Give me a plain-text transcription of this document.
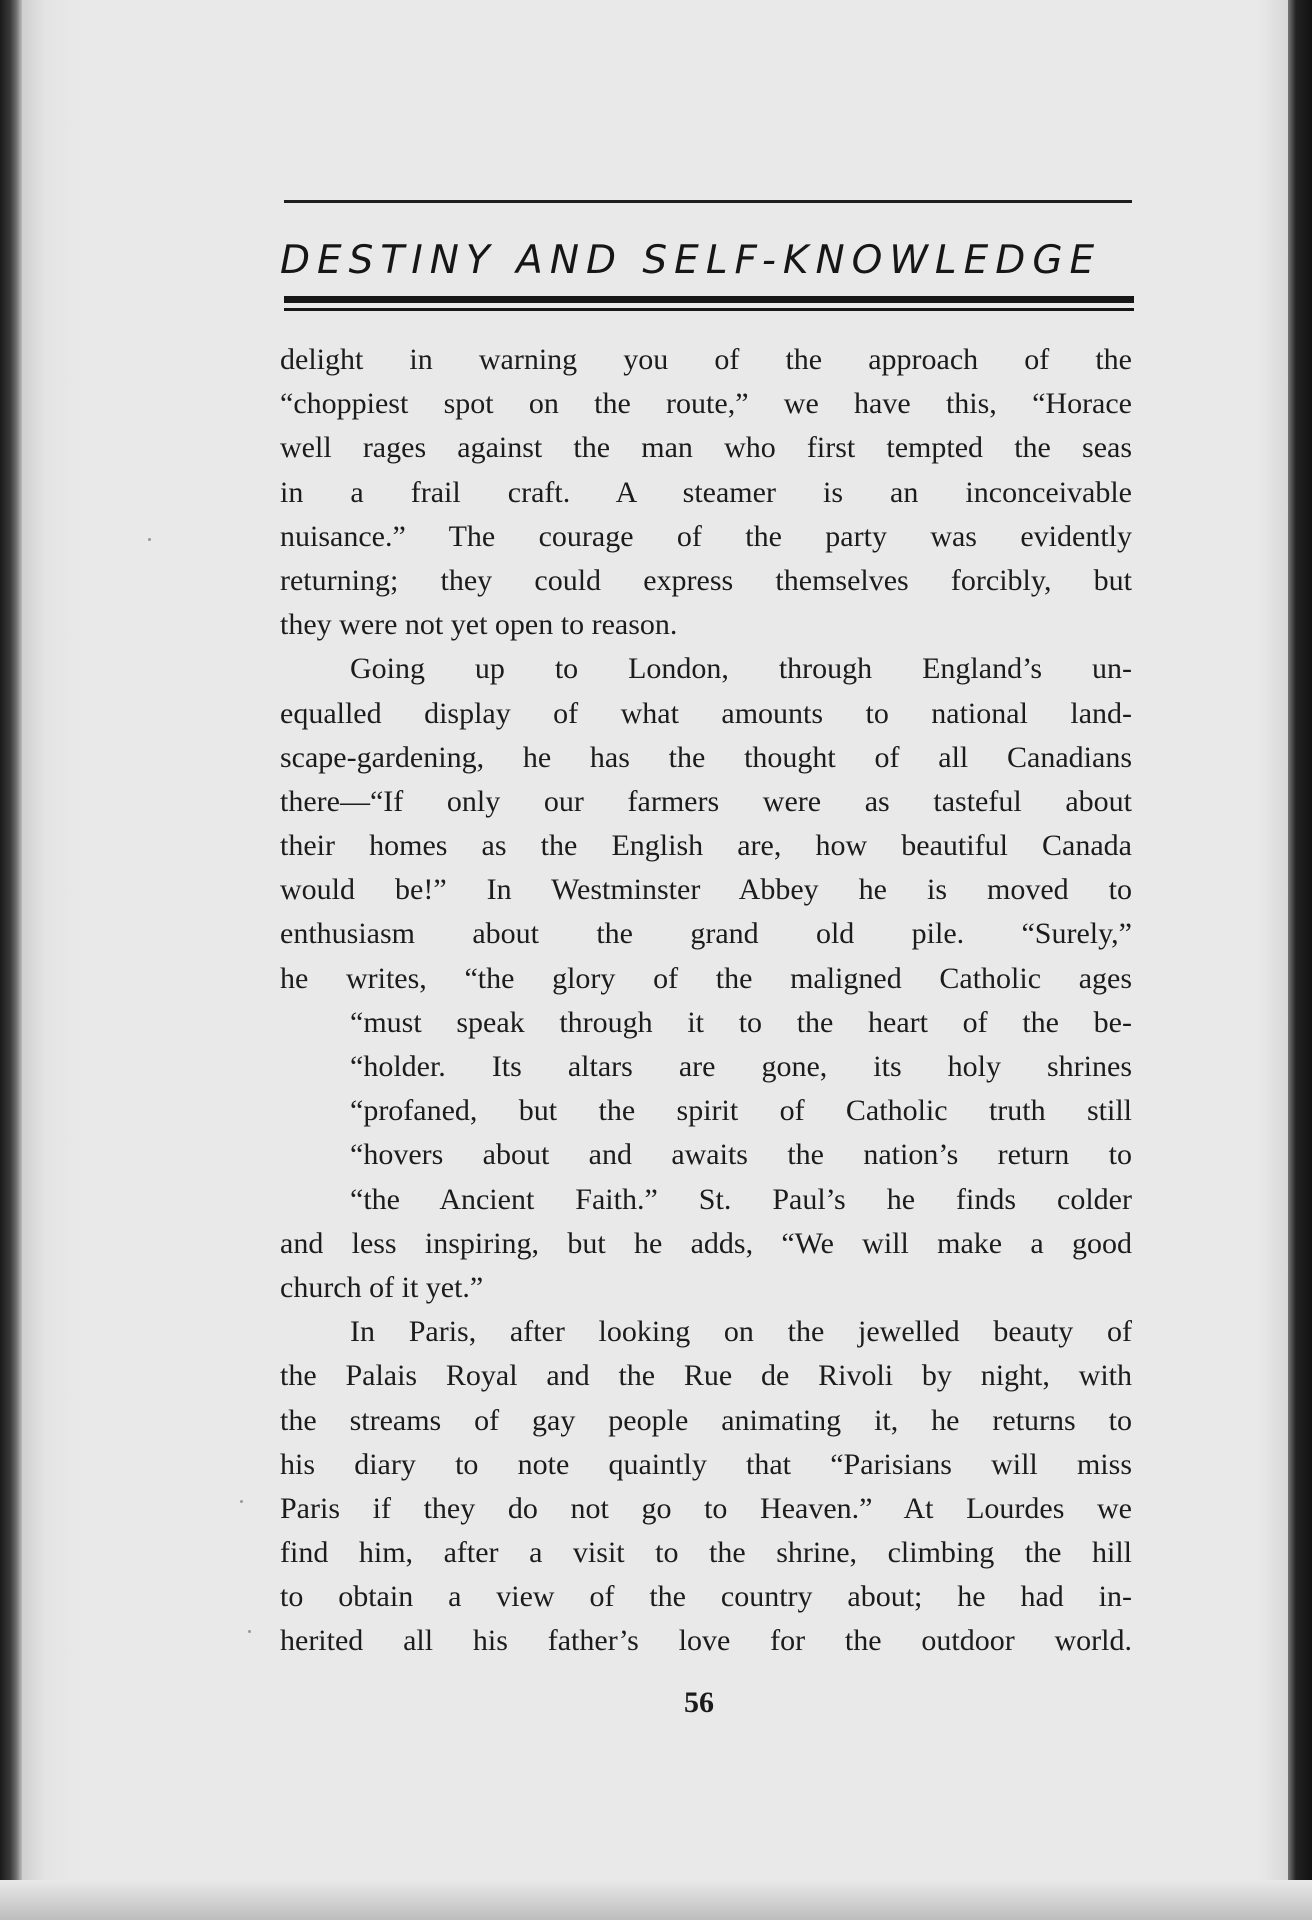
DESTINY AND SELF-KNOWLEDGE
delight in warning you of the approach of the
“choppiest spot on the route,” we have this, “Horace
well rages against the man who first tempted the seas
in a frail craft. A steamer is an inconceivable
nuisance.” The courage of the party was evidently
returning; they could express themselves forcibly, but
they were not yet open to reason.
Going up to London, through England’s un-
equalled display of what amounts to national land-
scape-gardening, he has the thought of all Canadians
there—“If only our farmers were as tasteful about
their homes as the English are, how beautiful Canada
would be!” In Westminster Abbey he is moved to
enthusiasm about the grand old pile. “Surely,”
he writes, “the glory of the maligned Catholic ages
“must speak through it to the heart of the be-
“holder. Its altars are gone, its holy shrines
“profaned, but the spirit of Catholic truth still
“hovers about and awaits the nation’s return to
“the Ancient Faith.” St. Paul’s he finds colder
and less inspiring, but he adds, “We will make a good
church of it yet.”
In Paris, after looking on the jewelled beauty of
the Palais Royal and the Rue de Rivoli by night, with
the streams of gay people animating it, he returns to
his diary to note quaintly that “Parisians will miss
Paris if they do not go to Heaven.” At Lourdes we
find him, after a visit to the shrine, climbing the hill
to obtain a view of the country about; he had in-
herited all his father’s love for the outdoor world.
56
